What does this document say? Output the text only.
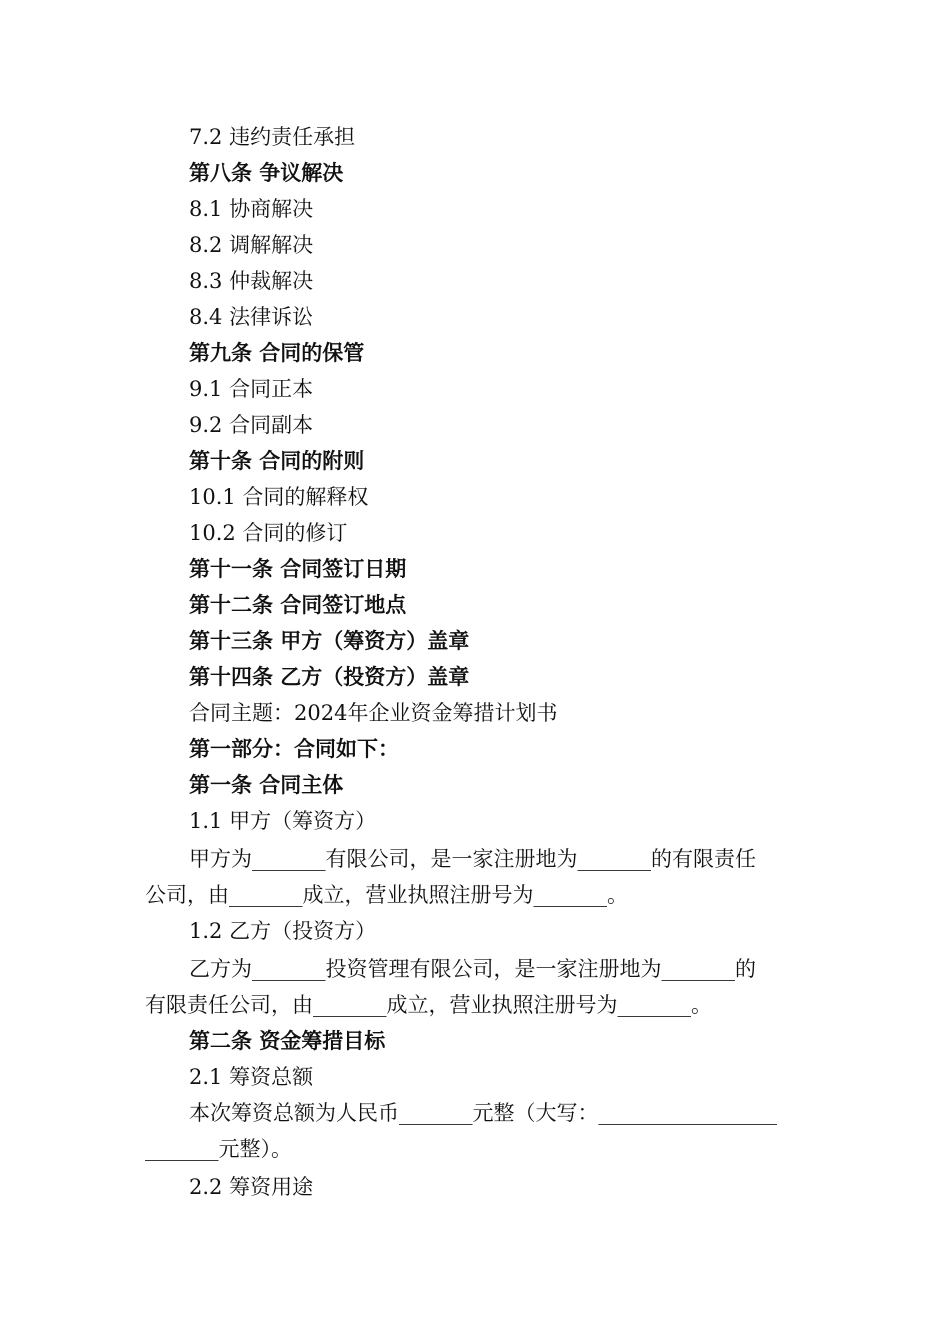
7.2 违约责任承担
第八条 争议解决
8.1 协商解决
8.2 调解解决
8.3 仲裁解决
8.4 法律诉讼
第九条 合同的保管
9.1 合同正本
9.2 合同副本
第十条 合同的附则
10.1 合同的解释权
10.2 合同的修订
第十一条 合同签订日期
第十二条 合同签订地点
第十三条 甲方（筹资方）盖章
第十四条 乙方（投资方）盖章
合同主题：2024年企业资金筹措计划书
第一部分：合同如下：
第一条 合同主体
1.1 甲方（筹资方）
甲方为_______有限公司，是一家注册地为_______的有限责任
公司，由_______成立，营业执照注册号为_______。
1.2 乙方（投资方）
乙方为_______投资管理有限公司，是一家注册地为_______的
有限责任公司，由_______成立，营业执照注册号为_______。
第二条 资金筹措目标
2.1 筹资总额
本次筹资总额为人民币_______元整（大写：_________________
_______元整）。
2.2 筹资用途
